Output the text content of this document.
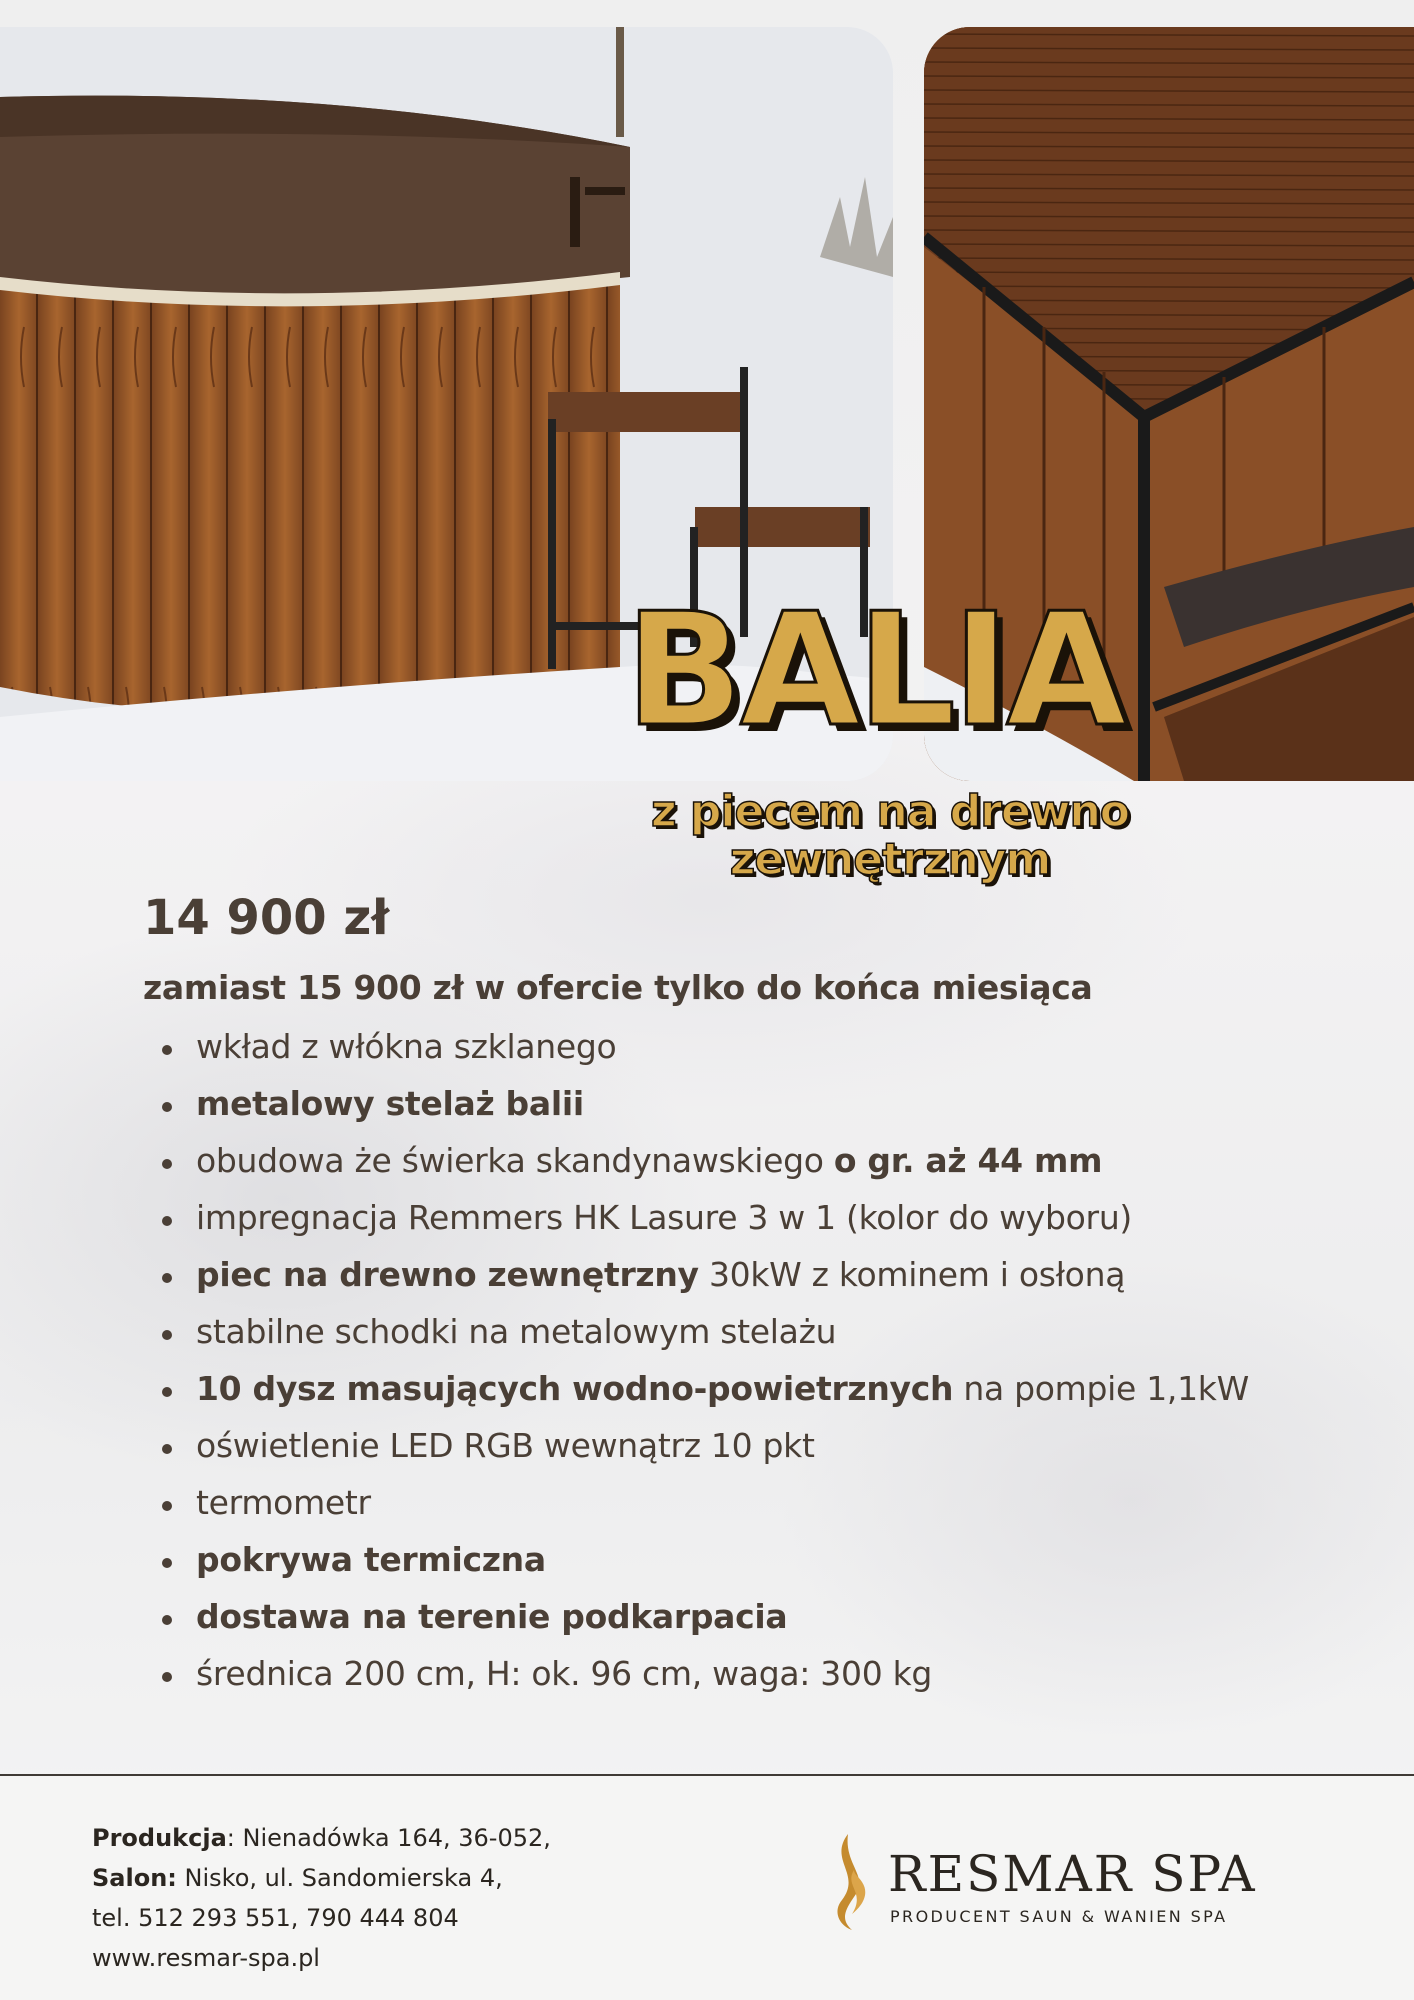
BALIA
z piecem na drewno
zewnętrznym
14 900 zł
zamiast 15 900 zł w ofercie tylko do końca miesiąca
wkład z włókna szklanego
metalowy stelaż balii
obudowa że świerka skandynawskiego o gr. aż 44 mm
impregnacja Remmers HK Lasure 3 w 1 (kolor do wyboru)
piec na drewno zewnętrzny 30kW z kominem i osłoną
stabilne schodki na metalowym stelażu
10 dysz masujących wodno-powietrznych na pompie 1,1kW
oświetlenie LED RGB wewnątrz 10 pkt
termometr
pokrywa termiczna
dostawa na terenie podkarpacia
średnica 200 cm, H: ok. 96 cm, waga: 300 kg
Produkcja: Nienadówka 164, 36-052,
Salon: Nisko, ul. Sandomierska 4,
tel. 512 293 551, 790 444 804
www.resmar-spa.pl
RESMAR SPA
PRODUCENT SAUN & WANIEN SPA
